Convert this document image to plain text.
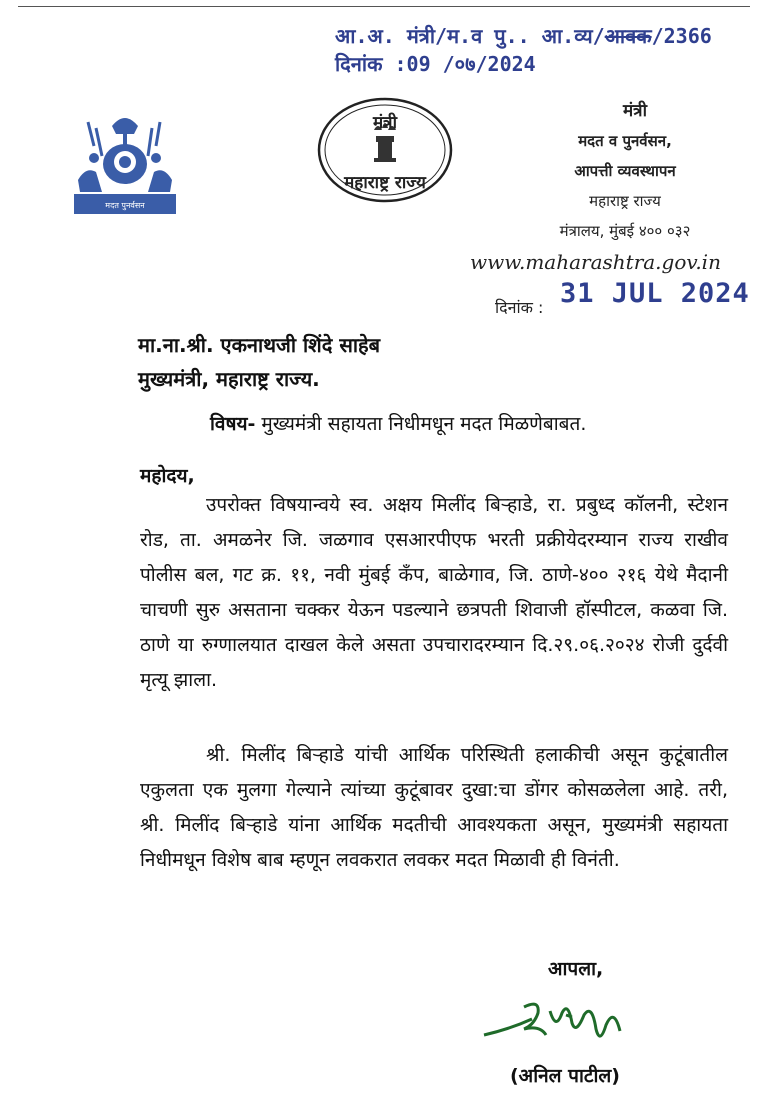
आ.अ. मंत्री/म.व पु.. आ.व्य/आवक/2366
दिनांक :09 /०७/2024
मदत पुनर्वसन
मंत्री
महाराष्ट्र राज्य
मंत्री
मदत व पुनर्वसन,
आपत्ती व्यवस्थापन
महाराष्ट्र राज्य
मंत्रालय, मुंबई ४०० ०३२
www.maharashtra.gov.in
दिनांक : 31 JUL 2024
मा.ना.श्री. एकनाथजी शिंदे साहेब
मुख्यमंत्री, महाराष्ट्र राज्य.
विषय- मुख्यमंत्री सहायता निधीमधून मदत मिळणेबाबत.
महोदय,

उपरोक्त विषयान्वये स्व. अक्षय मिलींद बिऱ्हाडे, रा. प्रबुध्द कॉलनी, स्टेशन रोड, ता. अमळनेर जि. जळगाव एसआरपीएफ भरती प्रक्रीयेदरम्यान राज्य राखीव पोलीस बल, गट क्र. ११, नवी मुंबई कॅंप, बाळेगाव, जि. ठाणे-४०० २१६ येथे मैदानी चाचणी सुरु असताना चक्कर येऊन पडल्याने छत्रपती शिवाजी हॉस्पीटल, कळवा जि. ठाणे या रुग्णालयात दाखल केले असता उपचारादरम्यान दि.२९.०६.२०२४ रोजी दुर्दवी मृत्यू झाला.

श्री. मिलींद बिऱ्हाडे यांची आर्थिक परिस्थिती हलाकीची असून कुटूंबातील एकुलता एक मुलगा गेल्याने त्यांच्या कुटूंबावर दुखा:चा डोंगर कोसळलेला आहे. तरी, श्री. मिलींद बिऱ्हाडे यांना आर्थिक मदतीची आवश्यकता असून, मुख्यमंत्री सहायता निधीमधून विशेष बाब म्हणून लवकरात लवकर मदत मिळावी ही विनंती.

आपला,
(अनिल पाटील)
